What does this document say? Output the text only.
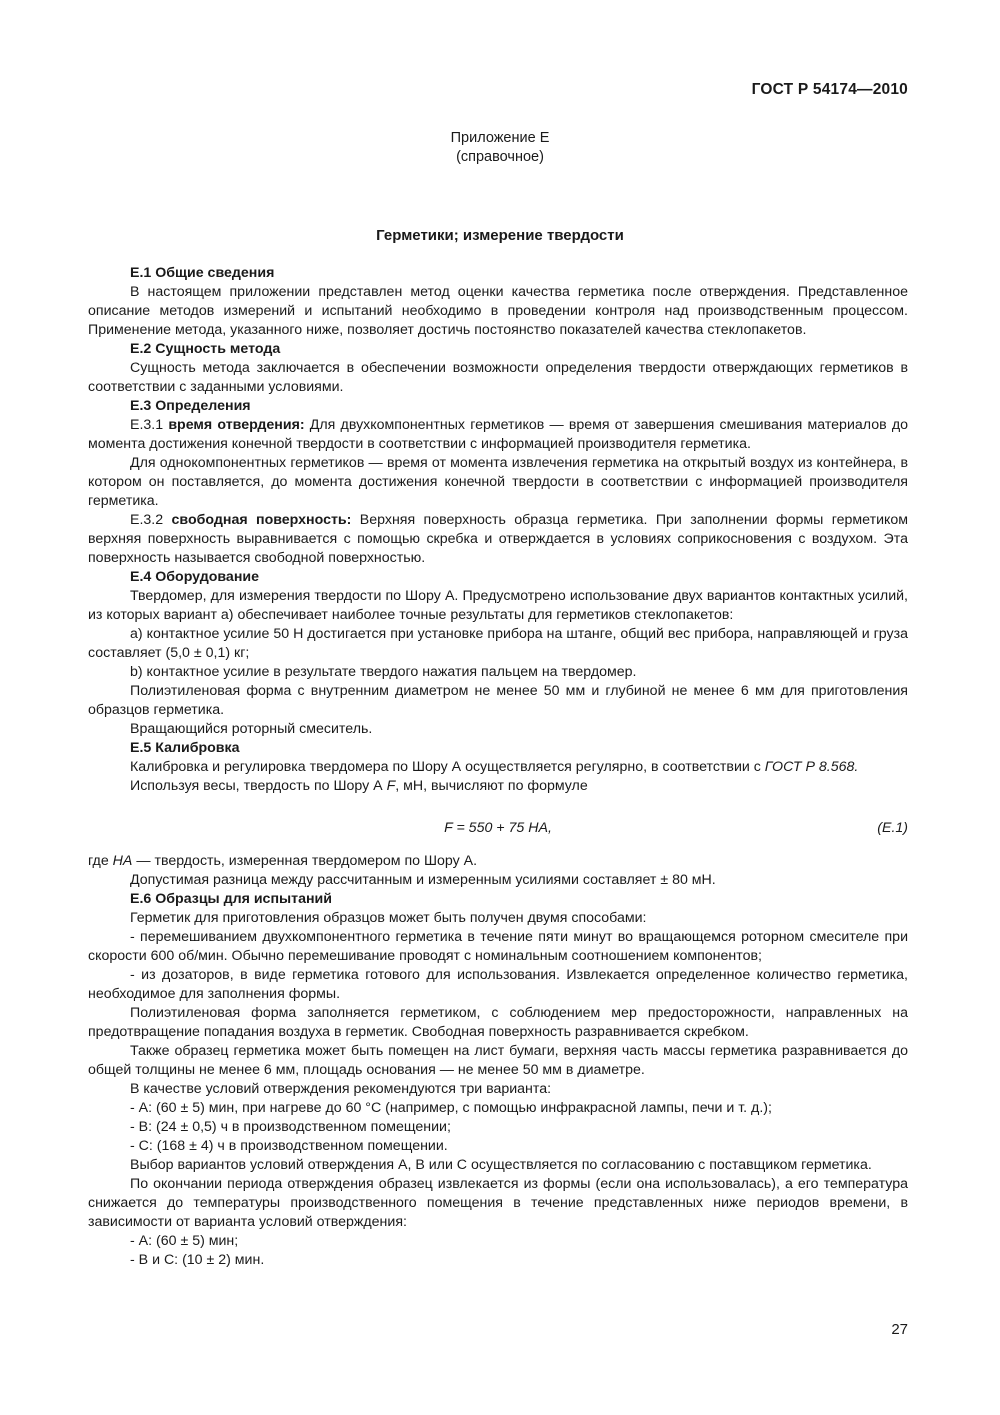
ГОСТ Р 54174—2010
Приложение Е
(справочное)
Герметики; измерение твердости

Е.1 Общие сведения

В настоящем приложении представлен метод оценки качества герметика после отверждения. Представленное описание методов измерений и испытаний необходимо в проведении контроля над производственным процессом. Применение метода, указанного ниже, позволяет достичь постоянство показателей качества стеклопакетов.

Е.2 Сущность метода

Сущность метода заключается в обеспечении возможности определения твердости отверждающих герметиков в соответствии с заданными условиями.

Е.3 Определения

Е.3.1 время отвердения: Для двухкомпонентных герметиков — время от завершения смешивания материалов до момента достижения конечной твердости в соответствии с информацией производителя герметика.

Для однокомпонентных герметиков — время от момента извлечения герметика на открытый воздух из контейнера, в котором он поставляется, до момента достижения конечной твердости в соответствии с информацией производителя герметика.

Е.3.2 свободная поверхность: Верхняя поверхность образца герметика. При заполнении формы герметиком верхняя поверхность выравнивается с помощью скребка и отверждается в условиях соприкосновения с воздухом. Эта поверхность называется свободной поверхностью.

Е.4 Оборудование

Твердомер, для измерения твердости по Шору А. Предусмотрено использование двух вариантов контактных усилий, из которых вариант а) обеспечивает наиболее точные результаты для герметиков стеклопакетов:

а) контактное усилие 50 Н достигается при установке прибора на штанге, общий вес прибора, направляющей и груза составляет (5,0 ± 0,1) кг;

b) контактное усилие в результате твердого нажатия пальцем на твердомер.

Полиэтиленовая форма с внутренним диаметром не менее 50 мм и глубиной не менее 6 мм для приготовления образцов герметика.

Вращающийся роторный смеситель.

Е.5 Калибровка

Калибровка и регулировка твердомера по Шору А осуществляется регулярно, в соответствии с ГОСТ Р 8.568.

Используя весы, твердость по Шору А F, мН, вычисляют по формуле

F = 550 + 75 HA,	(Е.1)

где НА — твердость, измеренная твердомером по Шору А.

Допустимая разница между рассчитанным и измеренным усилиями составляет ± 80 мН.

Е.6 Образцы для испытаний

Герметик для приготовления образцов может быть получен двумя способами:

- перемешиванием двухкомпонентного герметика в течение пяти минут во вращающемся роторном смесителе при скорости 600 об/мин. Обычно перемешивание проводят с номинальным соотношением компонентов;

- из дозаторов, в виде герметика готового для использования. Извлекается определенное количество герметика, необходимое для заполнения формы.

Полиэтиленовая форма заполняется герметиком, с соблюдением мер предосторожности, направленных на предотвращение попадания воздуха в герметик. Свободная поверхность разравнивается скребком.

Также образец герметика может быть помещен на лист бумаги, верхняя часть массы герметика разравнивается до общей толщины не менее 6 мм, площадь основания — не менее 50 мм в диаметре.

В качестве условий отверждения рекомендуются три варианта:

- А: (60 ± 5) мин, при нагреве до 60 °С (например, с помощью инфракрасной лампы, печи и т. д.);

- В: (24 ± 0,5) ч в производственном помещении;

- С: (168 ± 4) ч в производственном помещении.

Выбор вариантов условий отверждения А, В или С осуществляется по согласованию с поставщиком герметика.

По окончании периода отверждения образец извлекается из формы (если она использовалась), а его температура снижается до температуры производственного помещения в течение представленных ниже периодов времени, в зависимости от варианта условий отверждения:

- А: (60 ± 5) мин;

- В и С: (10 ± 2) мин.

27
